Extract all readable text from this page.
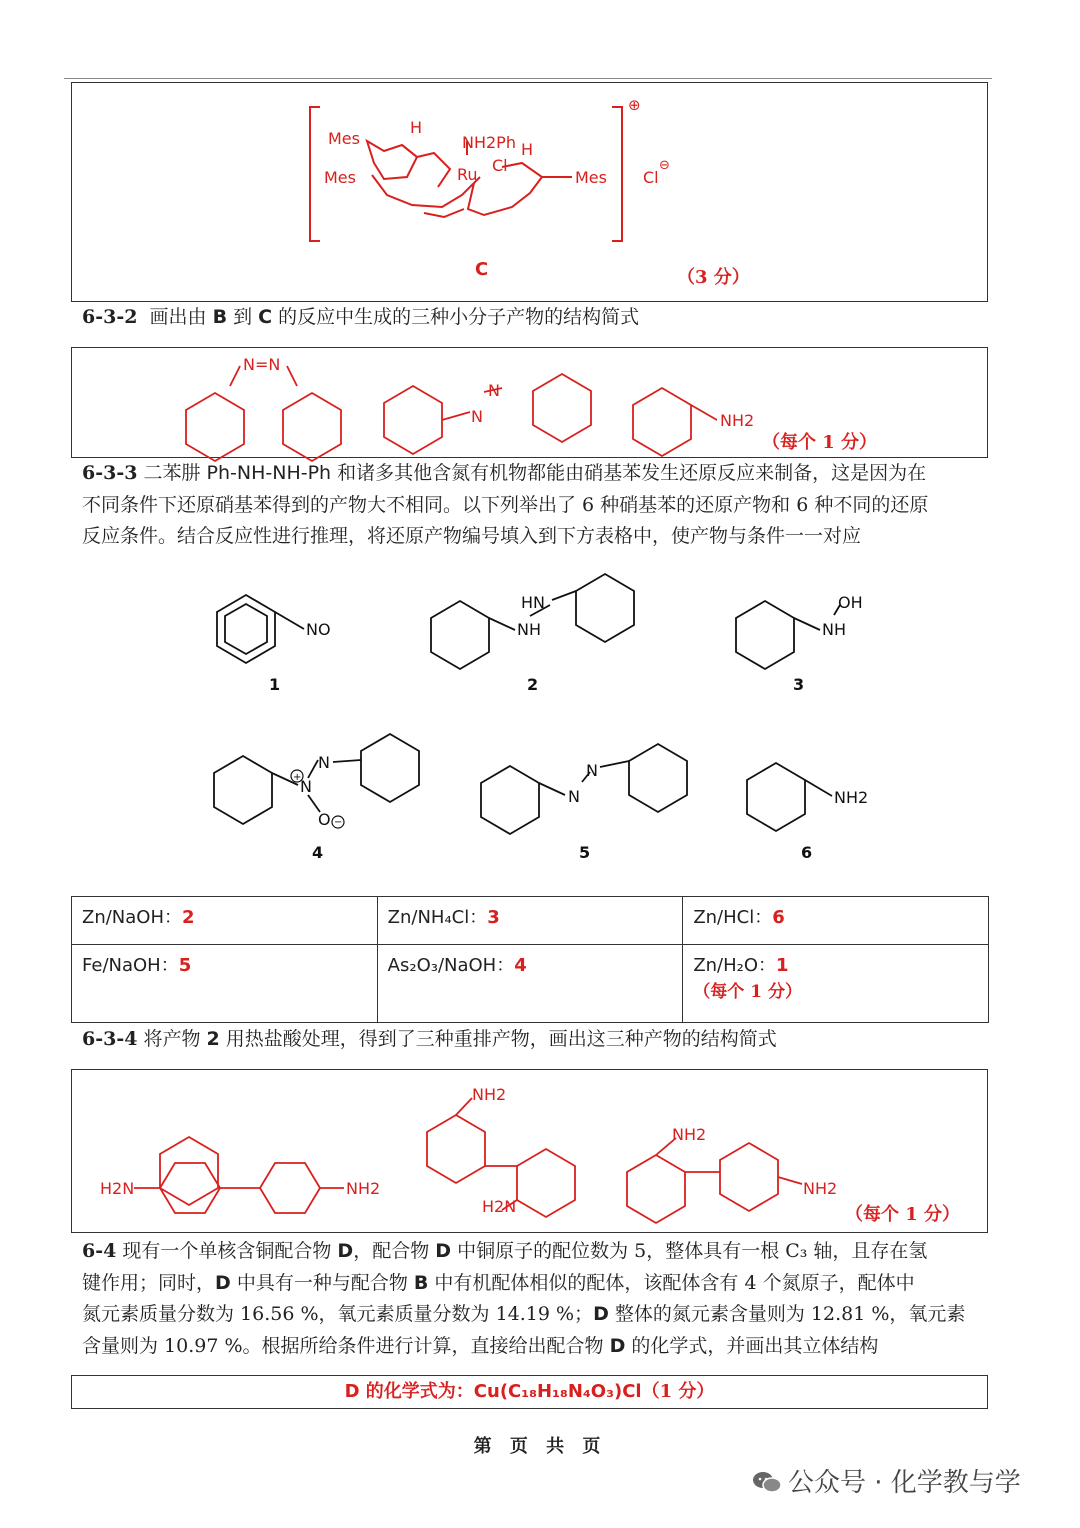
Mes
Mes	Mes
H
H
NH2Ph
Ru Cl
⊕
Cl
⊖
C	（3 分）
6-3-2 画出由 B 到 C 的反应中生成的三种小分子产物的结构简式
N=N
N
N
NH2
（每个 1 分）
6-3-3 二苯肼 Ph-NH-NH-Ph 和诸多其他含氮有机物都能由硝基苯发生还原反应来制备，这是因为在
不同条件下还原硝基苯得到的产物大不相同。以下列举出了 6 种硝基苯的还原产物和 6 种不同的还原
反应条件。结合反应性进行推理，将还原产物编号填入到下方表格中，使产物与条件一一对应
NO	NH
HN
NH
OH
N
N
O
N
N
NH2
+
−
1	2	3
4	5	6
Zn/NaOH：2	Zn/NH₄Cl：3	Zn/HCl：6
Fe/NaOH：5	As₂O₃/NaOH：4	Zn/H₂O：1
（每个 1 分）
6-3-4 将产物 2 用热盐酸处理，得到了三种重排产物，画出这三种产物的结构简式
H2N	NH2
NH2
H2N
NH2
NH2
（每个 1 分）
6-4 现有一个单核含铜配合物 D，配合物 D 中铜原子的配位数为 5，整体具有一根 C₃ 轴，且存在氢
键作用；同时，D 中具有一种与配合物 B 中有机配体相似的配体，该配体含有 4 个氮原子，配体中
氮元素质量分数为 16.56 %，氧元素质量分数为 14.19 %；D 整体的氮元素含量则为 12.81 %，氧元素
含量则为 10.97 %。根据所给条件进行计算，直接给出配合物 D 的化学式，并画出其立体结构
D 的化学式为：Cu(C₁₈H₁₈N₄O₃)Cl（1 分）
第 页 共 页
公众号 · 化学教与学
